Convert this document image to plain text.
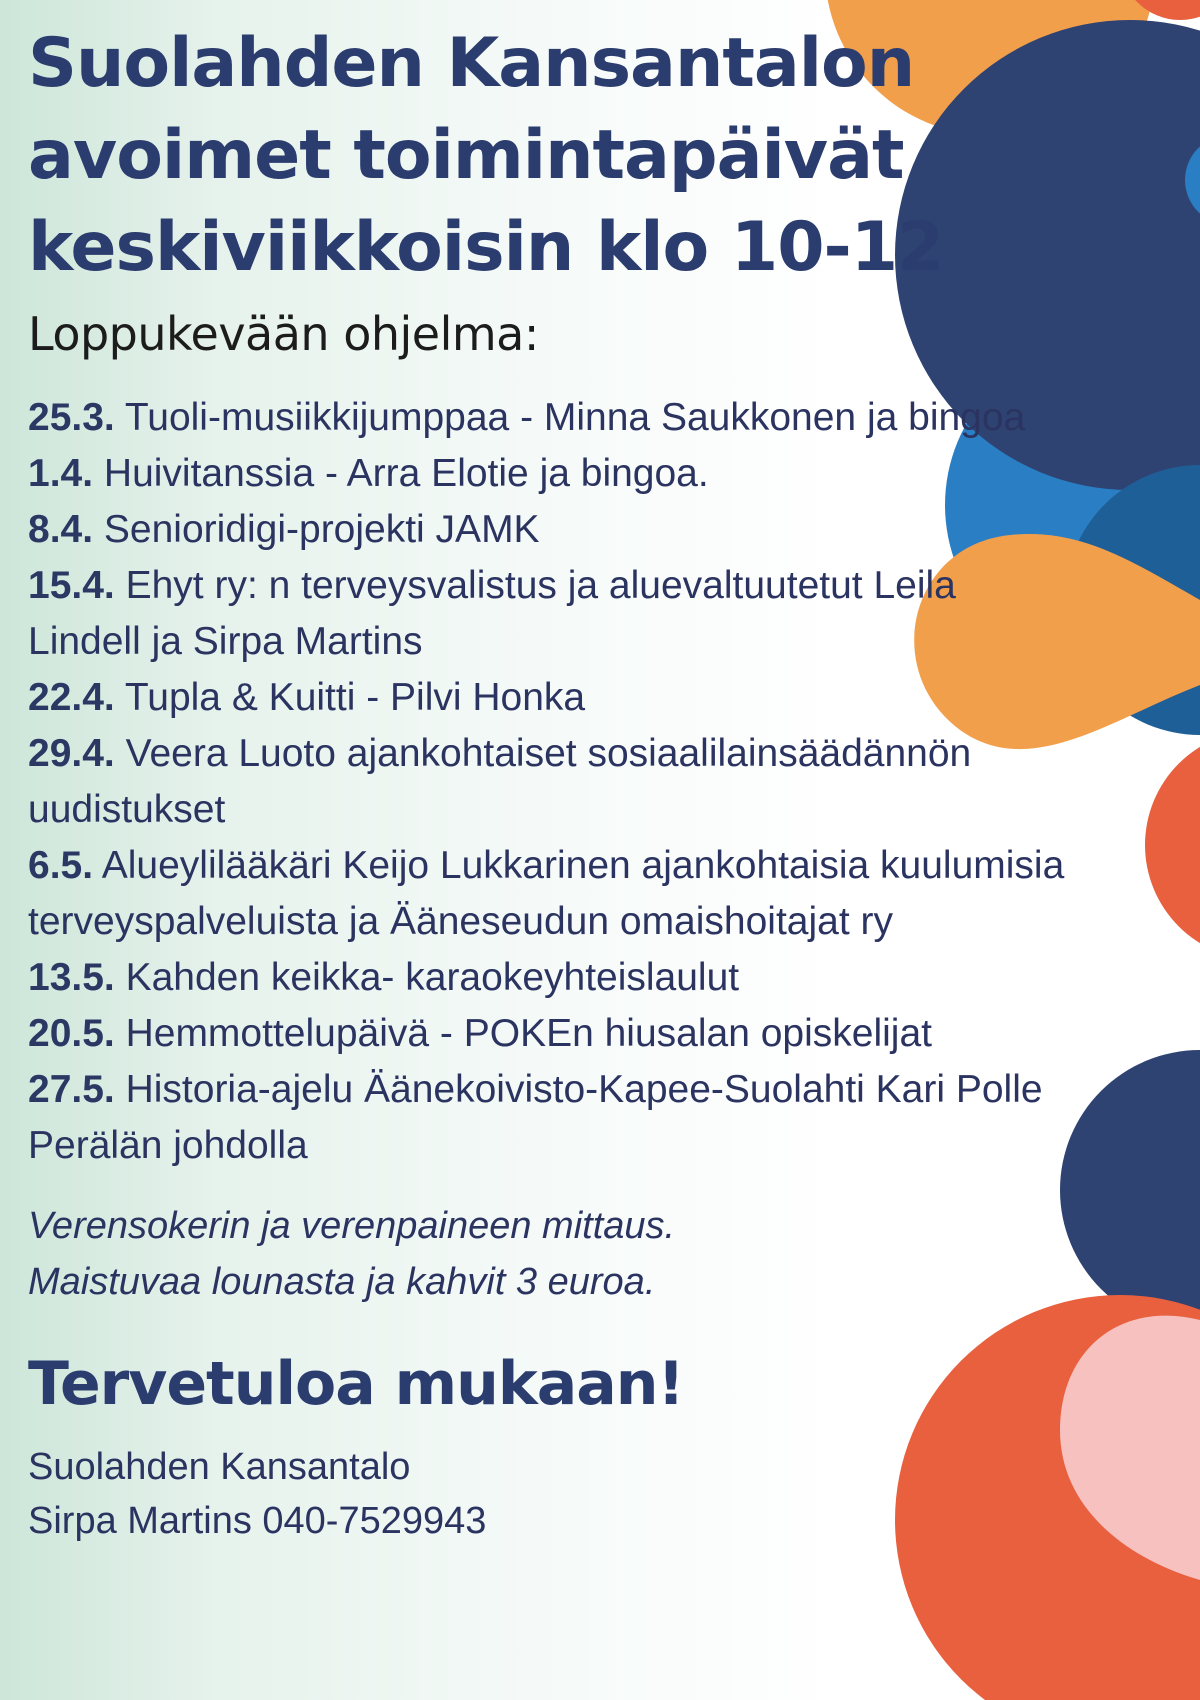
Suolahden Kansantalon
avoimet toimintapäivät
keskiviikkoisin klo 10-12
Loppukevään ohjelma:
25.3. Tuoli-musiikkijumppaa - Minna Saukkonen ja bingoa
1.4. Huivitanssia - Arra Elotie ja bingoa.
8.4. Senioridigi-projekti JAMK
15.4. Ehyt ry: n terveysvalistus ja aluevaltuutetut Leila Lindell ja Sirpa Martins
22.4. Tupla & Kuitti - Pilvi Honka
29.4. Veera Luoto ajankohtaiset sosiaalilainsäädännön uudistukset
6.5. Alueylilääkäri Keijo Lukkarinen ajankohtaisia kuulumisia terveyspalveluista ja Ääneseudun omaishoitajat ry
13.5. Kahden keikka- karaokeyhteislaulut
20.5. Hemmottelupäivä - POKEn hiusalan opiskelijat
27.5. Historia-ajelu Äänekoivisto-Kapee-Suolahti Kari Polle Perälän johdolla
Verensokerin ja verenpaineen mittaus.
Maistuvaa lounasta ja kahvit 3 euroa.
Tervetuloa mukaan!
Suolahden Kansantalo
Sirpa Martins 040-7529943
